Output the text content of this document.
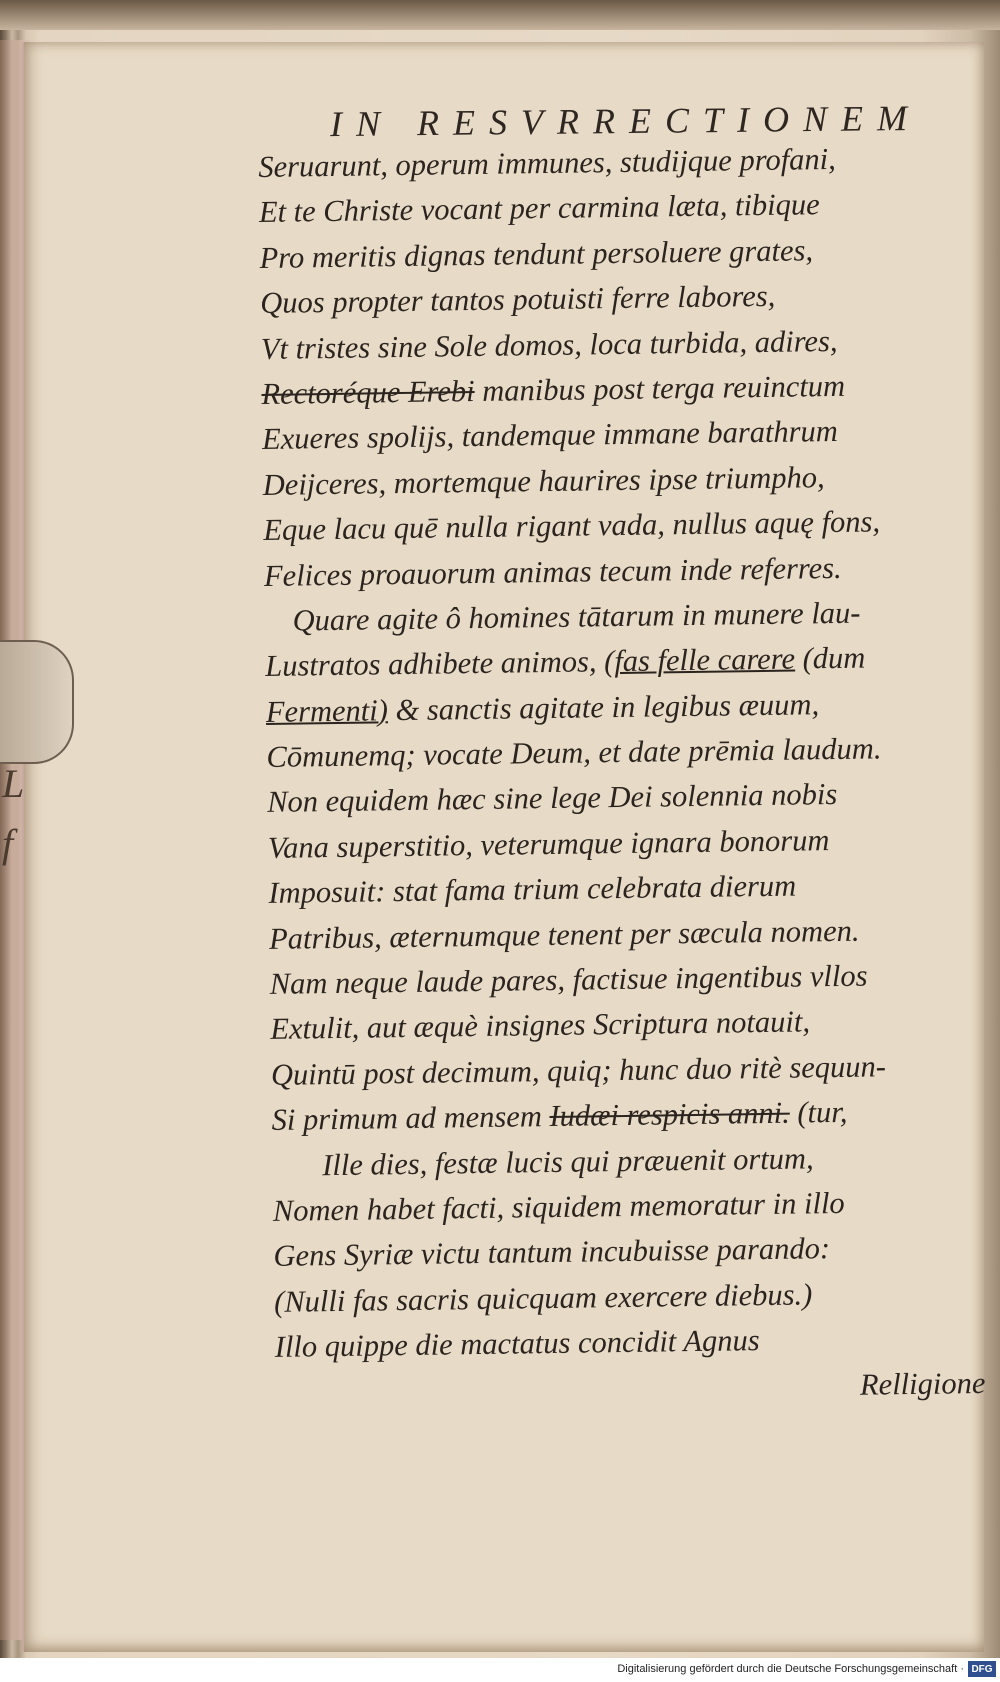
L
f
IN RESVRRECTIONEM
Seruarunt, operum immunes, studijque profani,
Et te Christe vocant per carmina læta, tibique
Pro meritis dignas tendunt persoluere grates,
Quos propter tantos potuisti ferre labores,
Vt tristes sine Sole domos, loca turbida, adires,
Rectoréque Erebi manibus post terga reuinctum
Exueres spolijs, tandemque immane barathrum
Deijceres, mortemque haurires ipse triumpho,
Eque lacu quē nulla rigant vada, nullus aquę fons,
Felices proauorum animas tecum inde referres.
Quare agite ô homines tātarum in munere lau-
Lustratos adhibete animos, (fas felle carere (dum
Fermenti) & sanctis agitate in legibus æuum,
Cōmunemq; vocate Deum, et date prēmia laudum.
Non equidem hæc sine lege Dei solennia nobis
Vana superstitio, veterumque ignara bonorum
Imposuit: stat fama trium celebrata dierum
Patribus, æternumque tenent per sæcula nomen.
Nam neque laude pares, factisue ingentibus vllos
Extulit, aut æquè insignes Scriptura notauit,
Quintū post decimum, quiq; hunc duo ritè sequun-
Si primum ad mensem Iudæi respicis anni. (tur,
Ille dies, festæ lucis qui præuenit ortum,
Nomen habet facti, siquidem memoratur in illo
Gens Syriæ victu tantum incubuisse parando:
(Nulli fas sacris quicquam exercere diebus.)
Illo quippe die mactatus concidit Agnus
Relligione
Digitalisierung gefördert durch die Deutsche Forschungsgemeinschaft · DFG
